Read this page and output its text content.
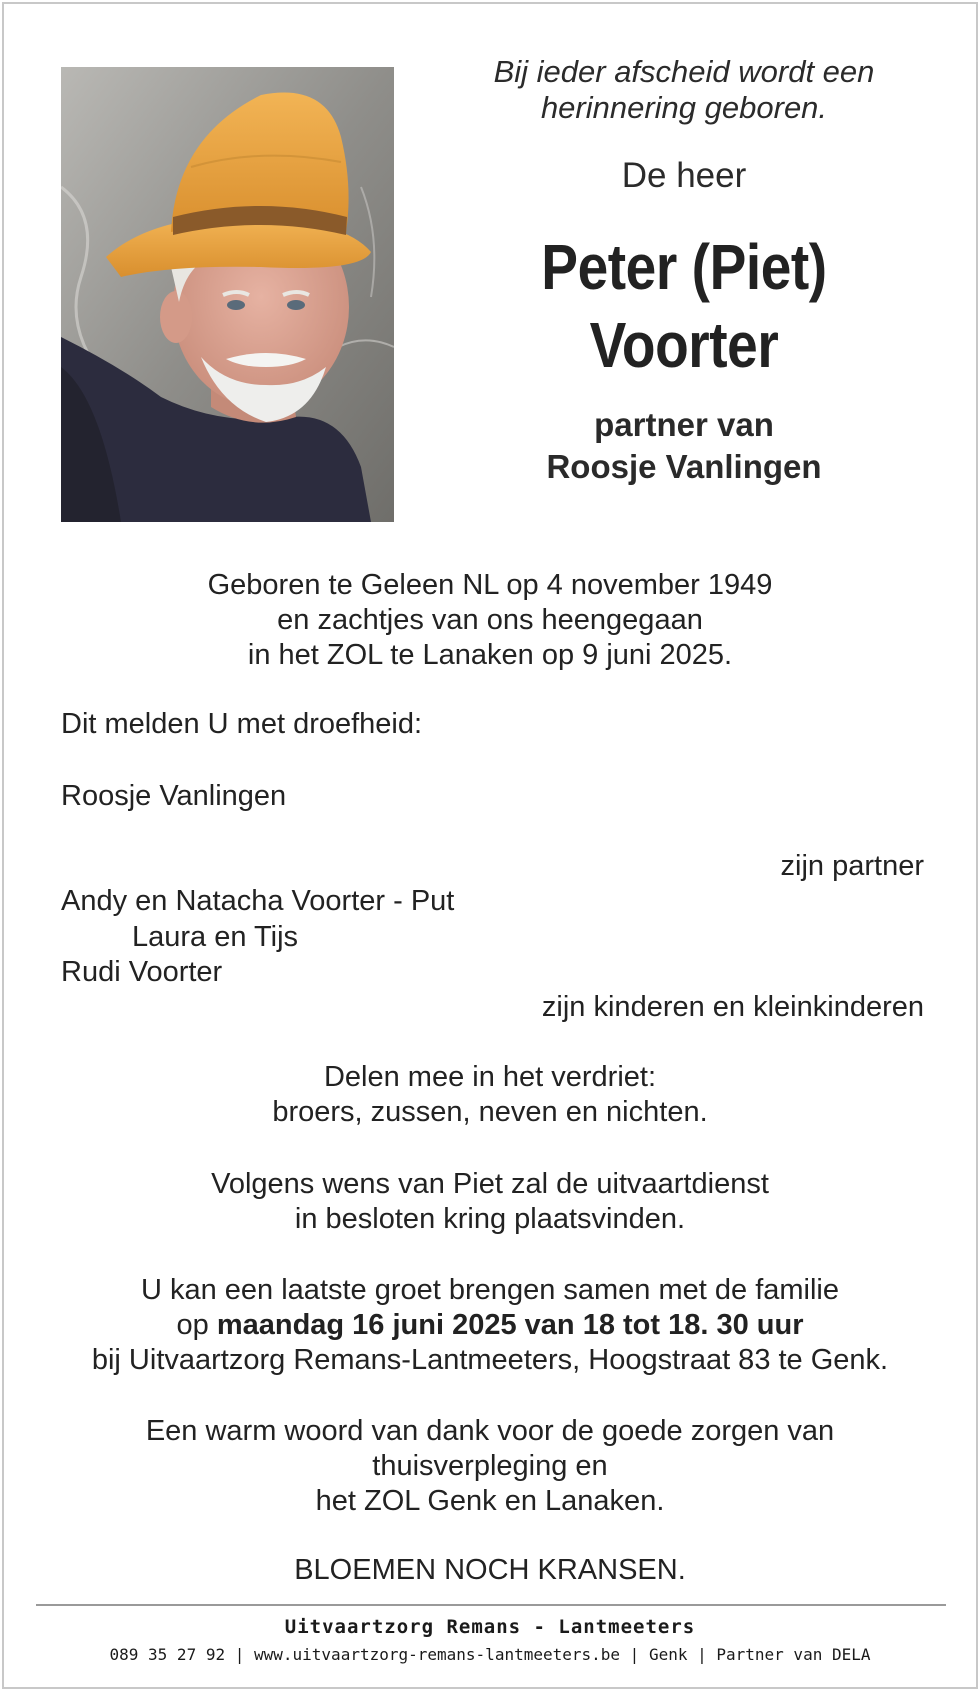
Bij ieder afscheid wordt een
herinnering geboren.
De heer
Peter (Piet)
Voorter
partner van
Roosje Vanlingen
Geboren te Geleen NL op 4 november 1949
en zachtjes van ons heengegaan
in het ZOL te Lanaken op 9 juni 2025.
Dit melden U met droefheid:
Roosje Vanlingen
zijn partner
Andy en Natacha Voorter - Put
Laura en Tijs
Rudi Voorter
zijn kinderen en kleinkinderen
Delen mee in het verdriet:
broers, zussen, neven en nichten.
Volgens wens van Piet zal de uitvaartdienst
in besloten kring plaatsvinden.
U kan een laatste groet brengen samen met de familie
op maandag 16 juni 2025 van 18 tot 18. 30 uur
bij Uitvaartzorg Remans-Lantmeeters, Hoogstraat 83 te Genk.
Een warm woord van dank voor de goede zorgen van
thuisverpleging en
het ZOL Genk en Lanaken.
BLOEMEN NOCH KRANSEN.
Uitvaartzorg Remans - Lantmeeters
089 35 27 92 | www.uitvaartzorg-remans-lantmeeters.be | Genk | Partner van DELA
